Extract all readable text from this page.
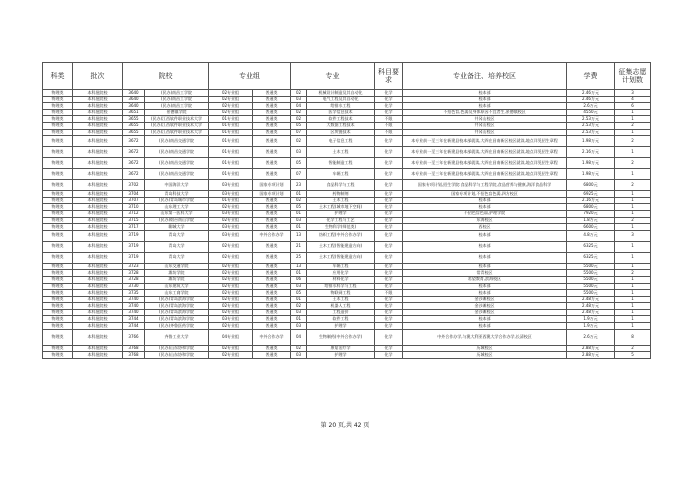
科类	批次	院校		专业组		专业		科目要求	专业备注、培养校区	学费	征集志愿计划数
物理类	本科批院校	3640	(民办)南昌工学院	02专业组	普通类	02	机械设计制造及其自动化	化学	校本部	2.46万元	3
物理类	本科批院校	3640	(民办)南昌工学院	02专业组	普通类	03	电气工程及其自动化	化学	校本部	2.46万元	4
物理类	本科批院校	3640	(民办)南昌工学院	02专业组	普通类	04	给排水工程	化学	校本部	2.6万元	6
物理类	本科批院校	3651	景德镇学院	02专业组	普通类	02	医学信息技术	化学	不招色盲,色弱及身体原因不宜者生,景德镇校区	4550元	1
物理类	本科批院校	3655	(民办)江西软件职业技术大学	01专业组	普通类	02	软件工程技术	不限	井冈山校区	2.53万元	1
物理类	本科批院校	3655	(民办)江西软件职业技术大学	01专业组	普通类	05	大数据工程技术	不限	井冈山校区	2.53万元	2
物理类	本科批院校	3655	(民办)江西软件职业技术大学	01专业组	普通类	07	区块链技术	不限	井冈山校区	2.53万元	1
物理类	本科批院校	3672	(民办)南昌交通学院	01专业组	普通类	02	电子信息工程	化学	本专业前一至三年在新建县校本部就读,大四在昌南新区校区就读,地点详见招生章程	1.98万元	2
物理类	本科批院校	3672	(民办)南昌交通学院	01专业组	普通类	03	土木工程	化学	本专业前一至三年在新建县校本部就读,大四在昌南新区校区就读,地点详见招生章程	2.16万元	1
物理类	本科批院校	3672	(民办)南昌交通学院	01专业组	普通类	05	智能制造工程	化学	本专业前一至三年在新建县校本部就读,大四在昌南新区校区就读,地点详见招生章程	1.98万元	2
物理类	本科批院校	3672	(民办)南昌交通学院	01专业组	普通类	07	车辆工程	化学	本专业前一至三年在新建县校本部就读,大四在昌南新区校区就读,地点详见招生章程	1.98万元	1
物理类	本科批院校	3702	中国海洋大学	03专业组	国家专项计划	23	食品科学与工程	化学	国家专项计划,招生学院:食品科学与工程学院,食品营养与健康,海洋食品科学	6800元	2
物理类	本科批院校	3704	青岛科技大学	03专业组	国家专项计划	01	药物制剂	化学	国家专项计划,不招色盲色弱,四方校区	6925元	1
物理类	本科批院校	3707	(民办)青岛城市学院	01专业组	普通类	02	土木工程	化学	校本部	2.16万元	1
物理类	本科批院校	3710	山东理工大学	02专业组	普通类	05	土木工程(城市地下空间)	化学	校本部	6800元	1
物理类	本科批院校	3712	山东第一医科大学	03专业组	普通类	01	护理学	化学	不招色盲色弱,护理学院	7920元	1
物理类	本科批院校	3715	(民办)烟台南山学院	02专业组	普通类	03	化学工程与工艺	化学	东海校区	1.8万元	2
物理类	本科批院校	3717	聊城大学	03专业组	普通类	01	生物科学(师范类)	化学	西校区	6600元	1
物理类	本科批院校	3719	青岛大学	03专业组	中外合作办学	13	纺织工程(中外合作办学)	化学	校本部	4.8万元	3
物理类	本科批院校	3719	青岛大学	02专业组	普通类	21	土木工程(智能建造方向)	化学	校本部	6325元	1
物理类	本科批院校	3719	青岛大学	02专业组	普通类	25	土木工程(智能建造方向)	化学	校本部	6325元	1
物理类	本科批院校	3723	山东交通学院	02专业组	普通类	13	车辆工程	化学	校本部	5500元	1
物理类	本科批院校	3728	潍坊学院	02专业组	普通类	01	应用化学	化学	常青校区	5500元	2
物理类	本科批院校	3728	潍坊学院	02专业组	普通类	06	材料化学	化学	希望教育,滨海校区	5500元	1
物理类	本科批院校	3730	山东建筑大学	02专业组	普通类	03	给排水科学与工程	化学	校本部	5500元	1
物理类	本科批院校	3735	山东工商学院	02专业组	普通类	05	物联网工程	不限	校本部	5500元	1
物理类	本科批院校	3740	(民办)青岛滨海学院	02专业组	普通类	01	土木工程	化学	金沙滩校区	2.48万元	1
物理类	本科批院校	3740	(民办)青岛滨海学院	02专业组	普通类	02	机器人工程	化学	金沙滩校区	2.48万元	1
物理类	本科批院校	3740	(民办)青岛滨海学院	02专业组	普通类	03	工程造价	化学	金沙滩校区	2.48万元	1
物理类	本科批院校	3744	(民办)青岛滨海学院	03专业组	普通类	01	软件工程	化学	校本部	1.9万元	1
物理类	本科批院校	3744	(民办)齐鲁医药学院	02专业组	普通类	03	护理学	化学	校本部	1.9万元	1
物理类	本科批院校	3766	齐鲁工业大学	04专业组	中外合作办学	04	生物制药(中外合作办学)	化学	中外合作办学,与澳大利亚西澳大学合作办学,长清校区	2.6万元	8
物理类	本科批院校	3768	(民办)山东协和学院	02专业组	普通类	02	康复治疗学	化学	历城校区	2.88万元	2
物理类	本科批院校	3768	(民办)山东协和学院	02专业组	普通类	03	护理学	化学	历城校区	2.88万元	5
第 20 页,共 42 页
